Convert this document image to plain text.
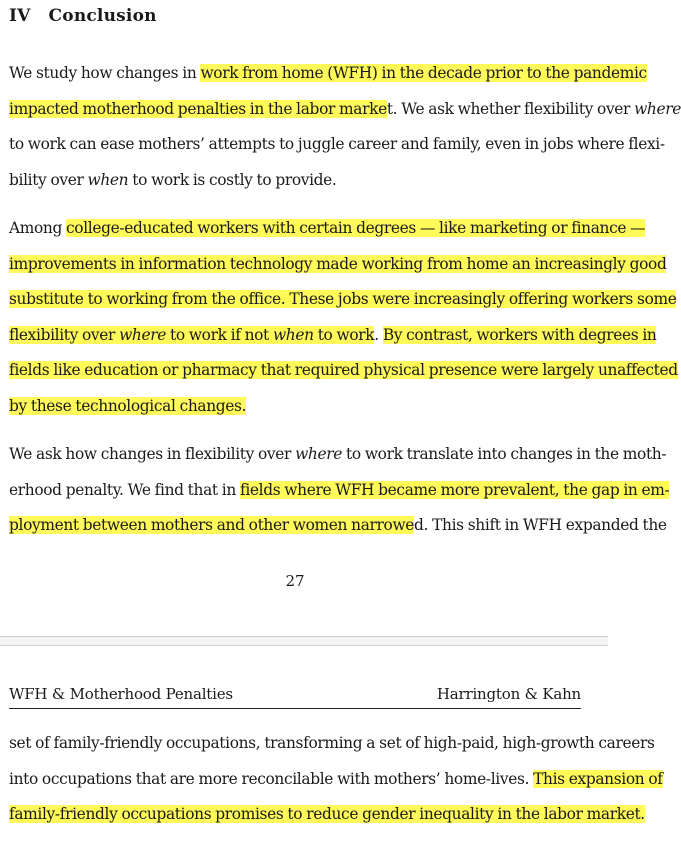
IV Conclusion
We study how changes in work from home (WFH) in the decade prior to the pandemic
impacted motherhood penalties in the labor market. We ask whether flexibility over where
to work can ease mothers’ attempts to juggle career and family, even in jobs where flexi-
bility over when to work is costly to provide.
Among college-educated workers with certain degrees — like marketing or finance —
improvements in information technology made working from home an increasingly good
substitute to working from the office. These jobs were increasingly offering workers some
flexibility over where to work if not when to work. By contrast, workers with degrees in
fields like education or pharmacy that required physical presence were largely unaffected
by these technological changes.
We ask how changes in flexibility over where to work translate into changes in the moth-
erhood penalty. We find that in fields where WFH became more prevalent, the gap in em-
ployment between mothers and other women narrowed. This shift in WFH expanded the
27
WFH & Motherhood Penalties	Harrington & Kahn
set of family-friendly occupations, transforming a set of high-paid, high-growth careers
into occupations that are more reconcilable with mothers’ home-lives. This expansion of
family-friendly occupations promises to reduce gender inequality in the labor market.
